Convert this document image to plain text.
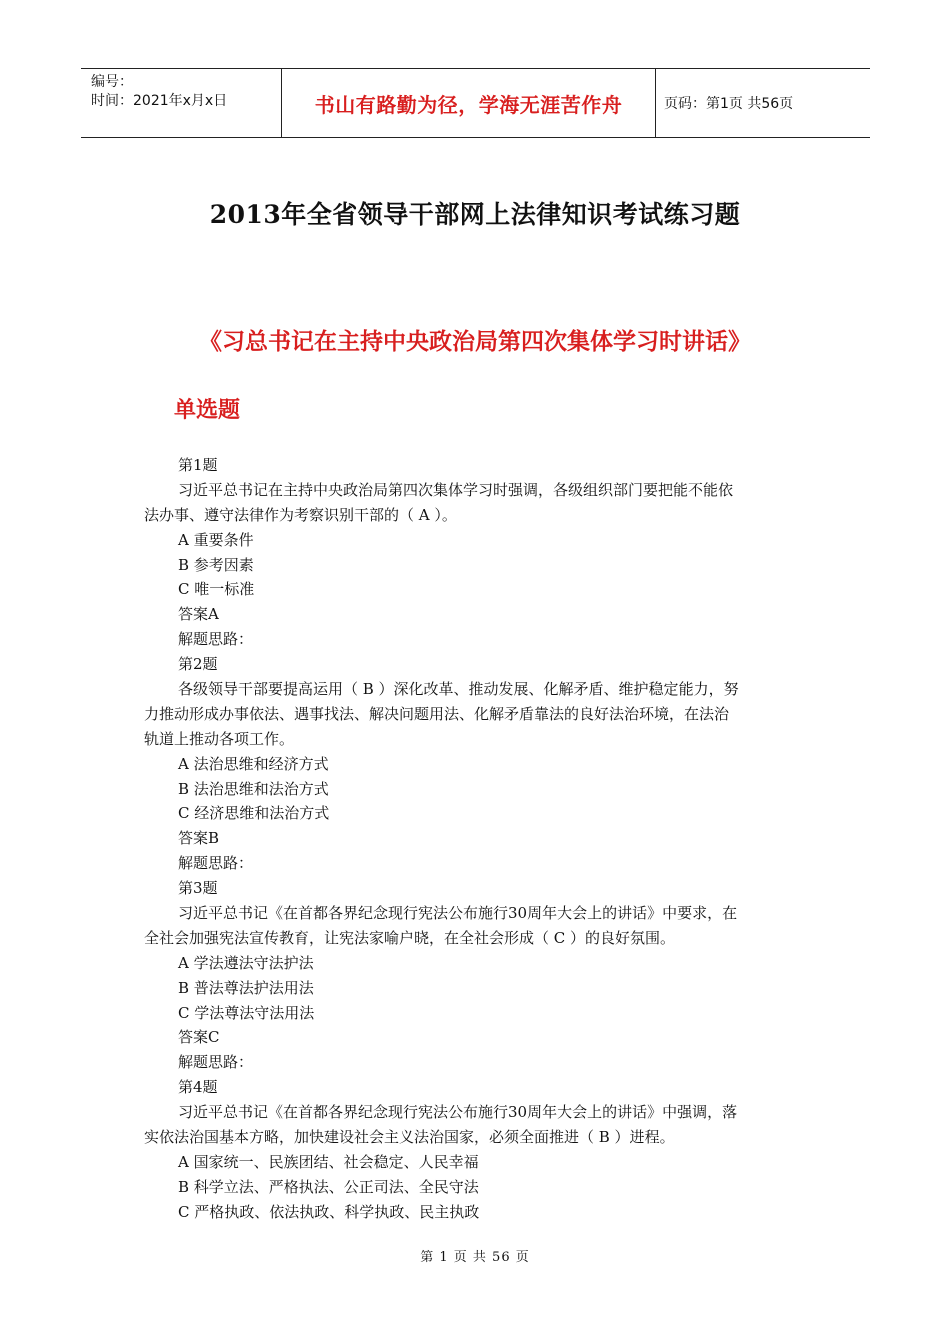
编号：
时间：2021年x月x日	书山有路勤为径，学海无涯苦作舟	页码：第1页 共56页
2013年全省领导干部网上法律知识考试练习题
《习总书记在主持中央政治局第四次集体学习时讲话》
单选题
第1题
习近平总书记在主持中央政治局第四次集体学习时强调，各级组织部门要把能不能依
法办事、遵守法律作为考察识别干部的（ A ）。
A 重要条件
B 参考因素
C 唯一标准
答案A
解题思路：
第2题
各级领导干部要提高运用（ B ）深化改革、推动发展、化解矛盾、维护稳定能力，努
力推动形成办事依法、遇事找法、解决问题用法、化解矛盾靠法的良好法治环境，在法治
轨道上推动各项工作。
A 法治思维和经济方式
B 法治思维和法治方式
C 经济思维和法治方式
答案B
解题思路：
第3题
习近平总书记《在首都各界纪念现行宪法公布施行30周年大会上的讲话》中要求，在
全社会加强宪法宣传教育，让宪法家喻户晓，在全社会形成（ C ）的良好氛围。
A 学法遵法守法护法
B 普法尊法护法用法
C 学法尊法守法用法
答案C
解题思路：
第4题
习近平总书记《在首都各界纪念现行宪法公布施行30周年大会上的讲话》中强调，落
实依法治国基本方略，加快建设社会主义法治国家，必须全面推进（ B ）进程。
A 国家统一、民族团结、社会稳定、人民幸福
B 科学立法、严格执法、公正司法、全民守法
C 严格执政、依法执政、科学执政、民主执政
第 1 页 共 56 页
